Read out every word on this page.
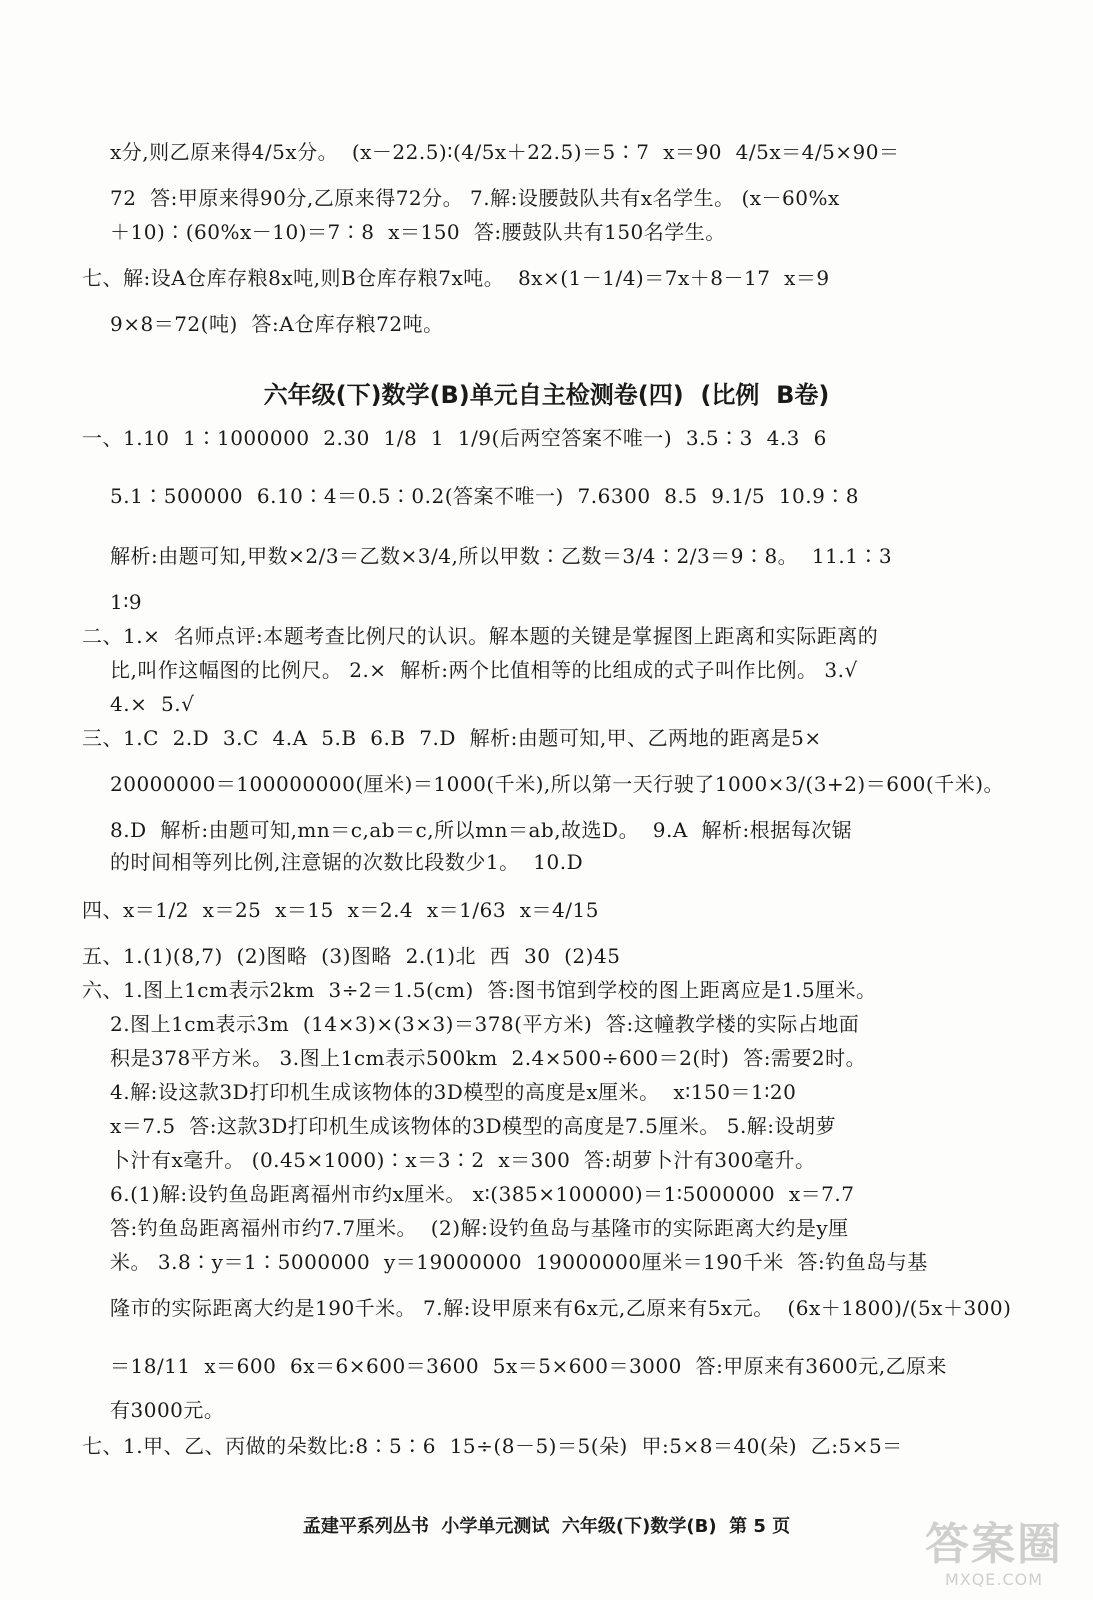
六年级(下)数学(B)单元自主检测卷(四)  (比例  B卷)
x分,则乙原来得4/5x分。  (x－22.5)∶(4/5x＋22.5)＝5∶7  x＝90  4/5x＝4/5×90＝
72  答:甲原来得90分,乙原来得72分。 7.解:设腰鼓队共有x名学生。 (x－60%x
＋10)∶(60%x－10)＝7∶8  x＝150  答:腰鼓队共有150名学生。
七、解:设A仓库存粮8x吨,则B仓库存粮7x吨。  8x×(1－1/4)＝7x＋8－17  x＝9
9×8＝72(吨)  答:A仓库存粮72吨。
一、1.10  1∶1000000  2.30  1/8  1  1/9(后两空答案不唯一)  3.5∶3  4.3  6
5.1∶500000  6.10∶4＝0.5∶0.2(答案不唯一)  7.6300  8.5  9.1/5  10.9∶8
解析:由题可知,甲数×2/3＝乙数×3/4,所以甲数∶乙数＝3/4∶2/3＝9∶8。  11.1∶3
1∶9
二、1.×  名师点评:本题考查比例尺的认识。解本题的关键是掌握图上距离和实际距离的
比,叫作这幅图的比例尺。 2.×  解析:两个比值相等的比组成的式子叫作比例。 3.√
4.×  5.√
三、1.C  2.D  3.C  4.A  5.B  6.B  7.D  解析:由题可知,甲、乙两地的距离是5×
20000000＝100000000(厘米)＝1000(千米),所以第一天行驶了1000×3/(3+2)＝600(千米)。
8.D  解析:由题可知,mn＝c,ab＝c,所以mn＝ab,故选D。  9.A  解析:根据每次锯
的时间相等列比例,注意锯的次数比段数少1。  10.D
四、x＝1/2  x＝25  x＝15  x＝2.4  x＝1/63  x＝4/15
五、1.(1)(8,7)  (2)图略  (3)图略  2.(1)北  西  30  (2)45
六、1.图上1cm表示2km  3÷2＝1.5(cm)  答:图书馆到学校的图上距离应是1.5厘米。
2.图上1cm表示3m  (14×3)×(3×3)＝378(平方米)  答:这幢教学楼的实际占地面
积是378平方米。 3.图上1cm表示500km  2.4×500÷600＝2(时)  答:需要2时。
4.解:设这款3D打印机生成该物体的3D模型的高度是x厘米。  x∶150＝1∶20
x＝7.5  答:这款3D打印机生成该物体的3D模型的高度是7.5厘米。 5.解:设胡萝
卜汁有x毫升。 (0.45×1000)∶x＝3∶2  x＝300  答:胡萝卜汁有300毫升。
6.(1)解:设钓鱼岛距离福州市约x厘米。 x∶(385×100000)＝1∶5000000  x＝7.7
答:钓鱼岛距离福州市约7.7厘米。  (2)解:设钓鱼岛与基隆市的实际距离大约是y厘
米。 3.8∶y＝1∶5000000  y＝19000000  19000000厘米＝190千米  答:钓鱼岛与基
隆市的实际距离大约是190千米。 7.解:设甲原来有6x元,乙原来有5x元。  (6x＋1800)/(5x＋300)
＝18/11  x＝600  6x＝6×600＝3600  5x＝5×600＝3000  答:甲原来有3600元,乙原来
有3000元。
七、1.甲、乙、丙做的朵数比:8∶5∶6  15÷(8－5)＝5(朵)  甲:5×8＝40(朵)  乙:5×5＝
孟建平系列丛书  小学单元测试  六年级(下)数学(B)  第 5 页	答案圈
MXQE.COM
